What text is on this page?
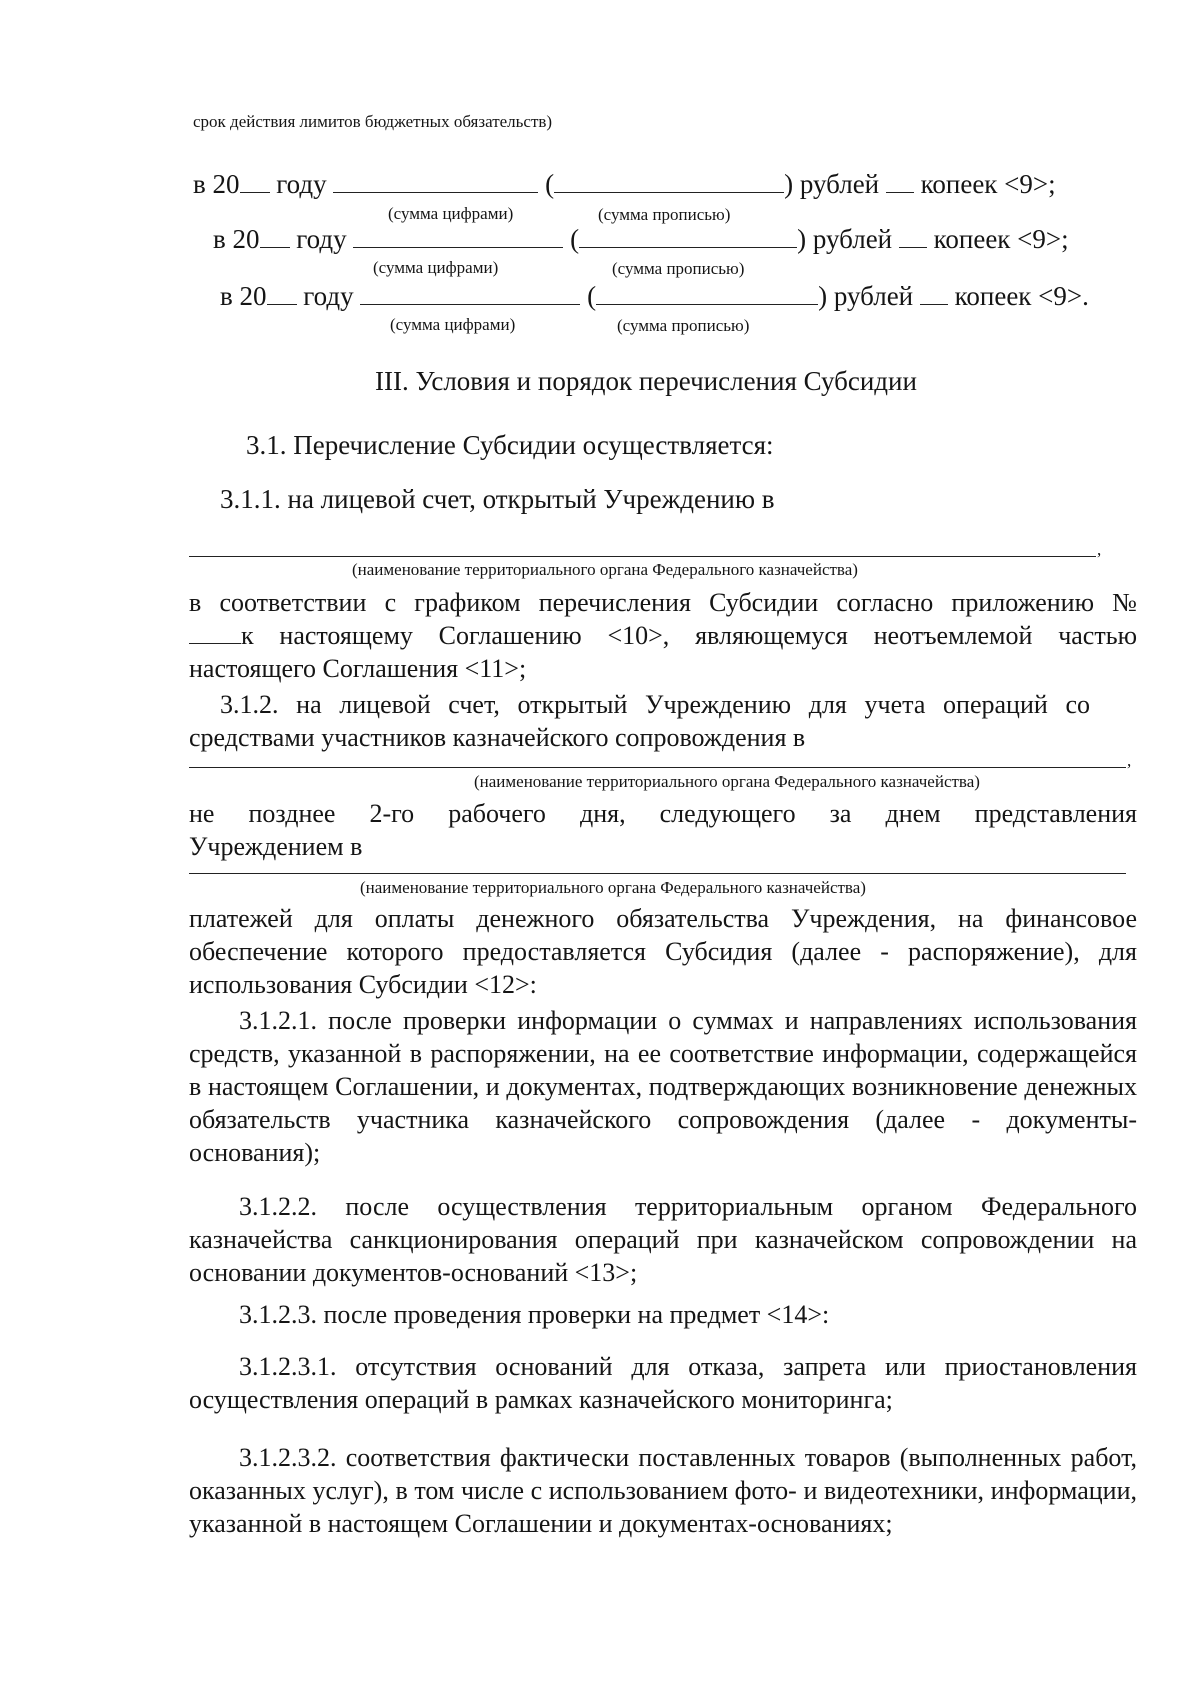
срок действия лимитов бюджетных обязательств)
в 20 году	(	) рублей копеек <9>;
(сумма цифрами)	(сумма прописью)
в 20 году	(	) рублей копеек <9>;
(сумма цифрами)	(сумма прописью)
в 20 году	(	) рублей копеек <9>.
(сумма цифрами)	(сумма прописью)
III. Условия и порядок перечисления Субсидии
3.1. Перечисление Субсидии осуществляется:
3.1.1. на лицевой счет, открытый Учреждению в
,
(наименование территориального органа Федерального казначейства)
в соответствии с графиком перечисления Субсидии согласно приложению №
к настоящему Соглашению <10>, являющемуся неотъемлемой частью
настоящего Соглашения <11>;
3.1.2. на лицевой счет, открытый Учреждению для учета операций со
средствами участников казначейского сопровождения в
,
(наименование территориального органа Федерального казначейства)
не позднее 2-го рабочего дня, следующего за днем представления
Учреждением в
(наименование территориального органа Федерального казначейства)
платежей для оплаты денежного обязательства Учреждения, на финансовое обеспечение которого предоставляется Субсидия (далее - распоряжение), для использования Субсидии <12>:
3.1.2.1. после проверки информации о суммах и направлениях использования средств, указанной в распоряжении, на ее соответствие информации, содержащейся в настоящем Соглашении, и документах, подтверждающих возникновение денежных обязательств участника казначейского сопровождения (далее - документы-основания);
3.1.2.2. после осуществления территориальным органом Федерального казначейства санкционирования операций при казначейском сопровождении на основании документов-оснований <13>;
3.1.2.3. после проведения проверки на предмет <14>:
3.1.2.3.1. отсутствия оснований для отказа, запрета или приостановления осуществления операций в рамках казначейского мониторинга;
3.1.2.3.2. соответствия фактически поставленных товаров (выполненных работ, оказанных услуг), в том числе с использованием фото- и видеотехники, информации, указанной в настоящем Соглашении и документах-основаниях;
